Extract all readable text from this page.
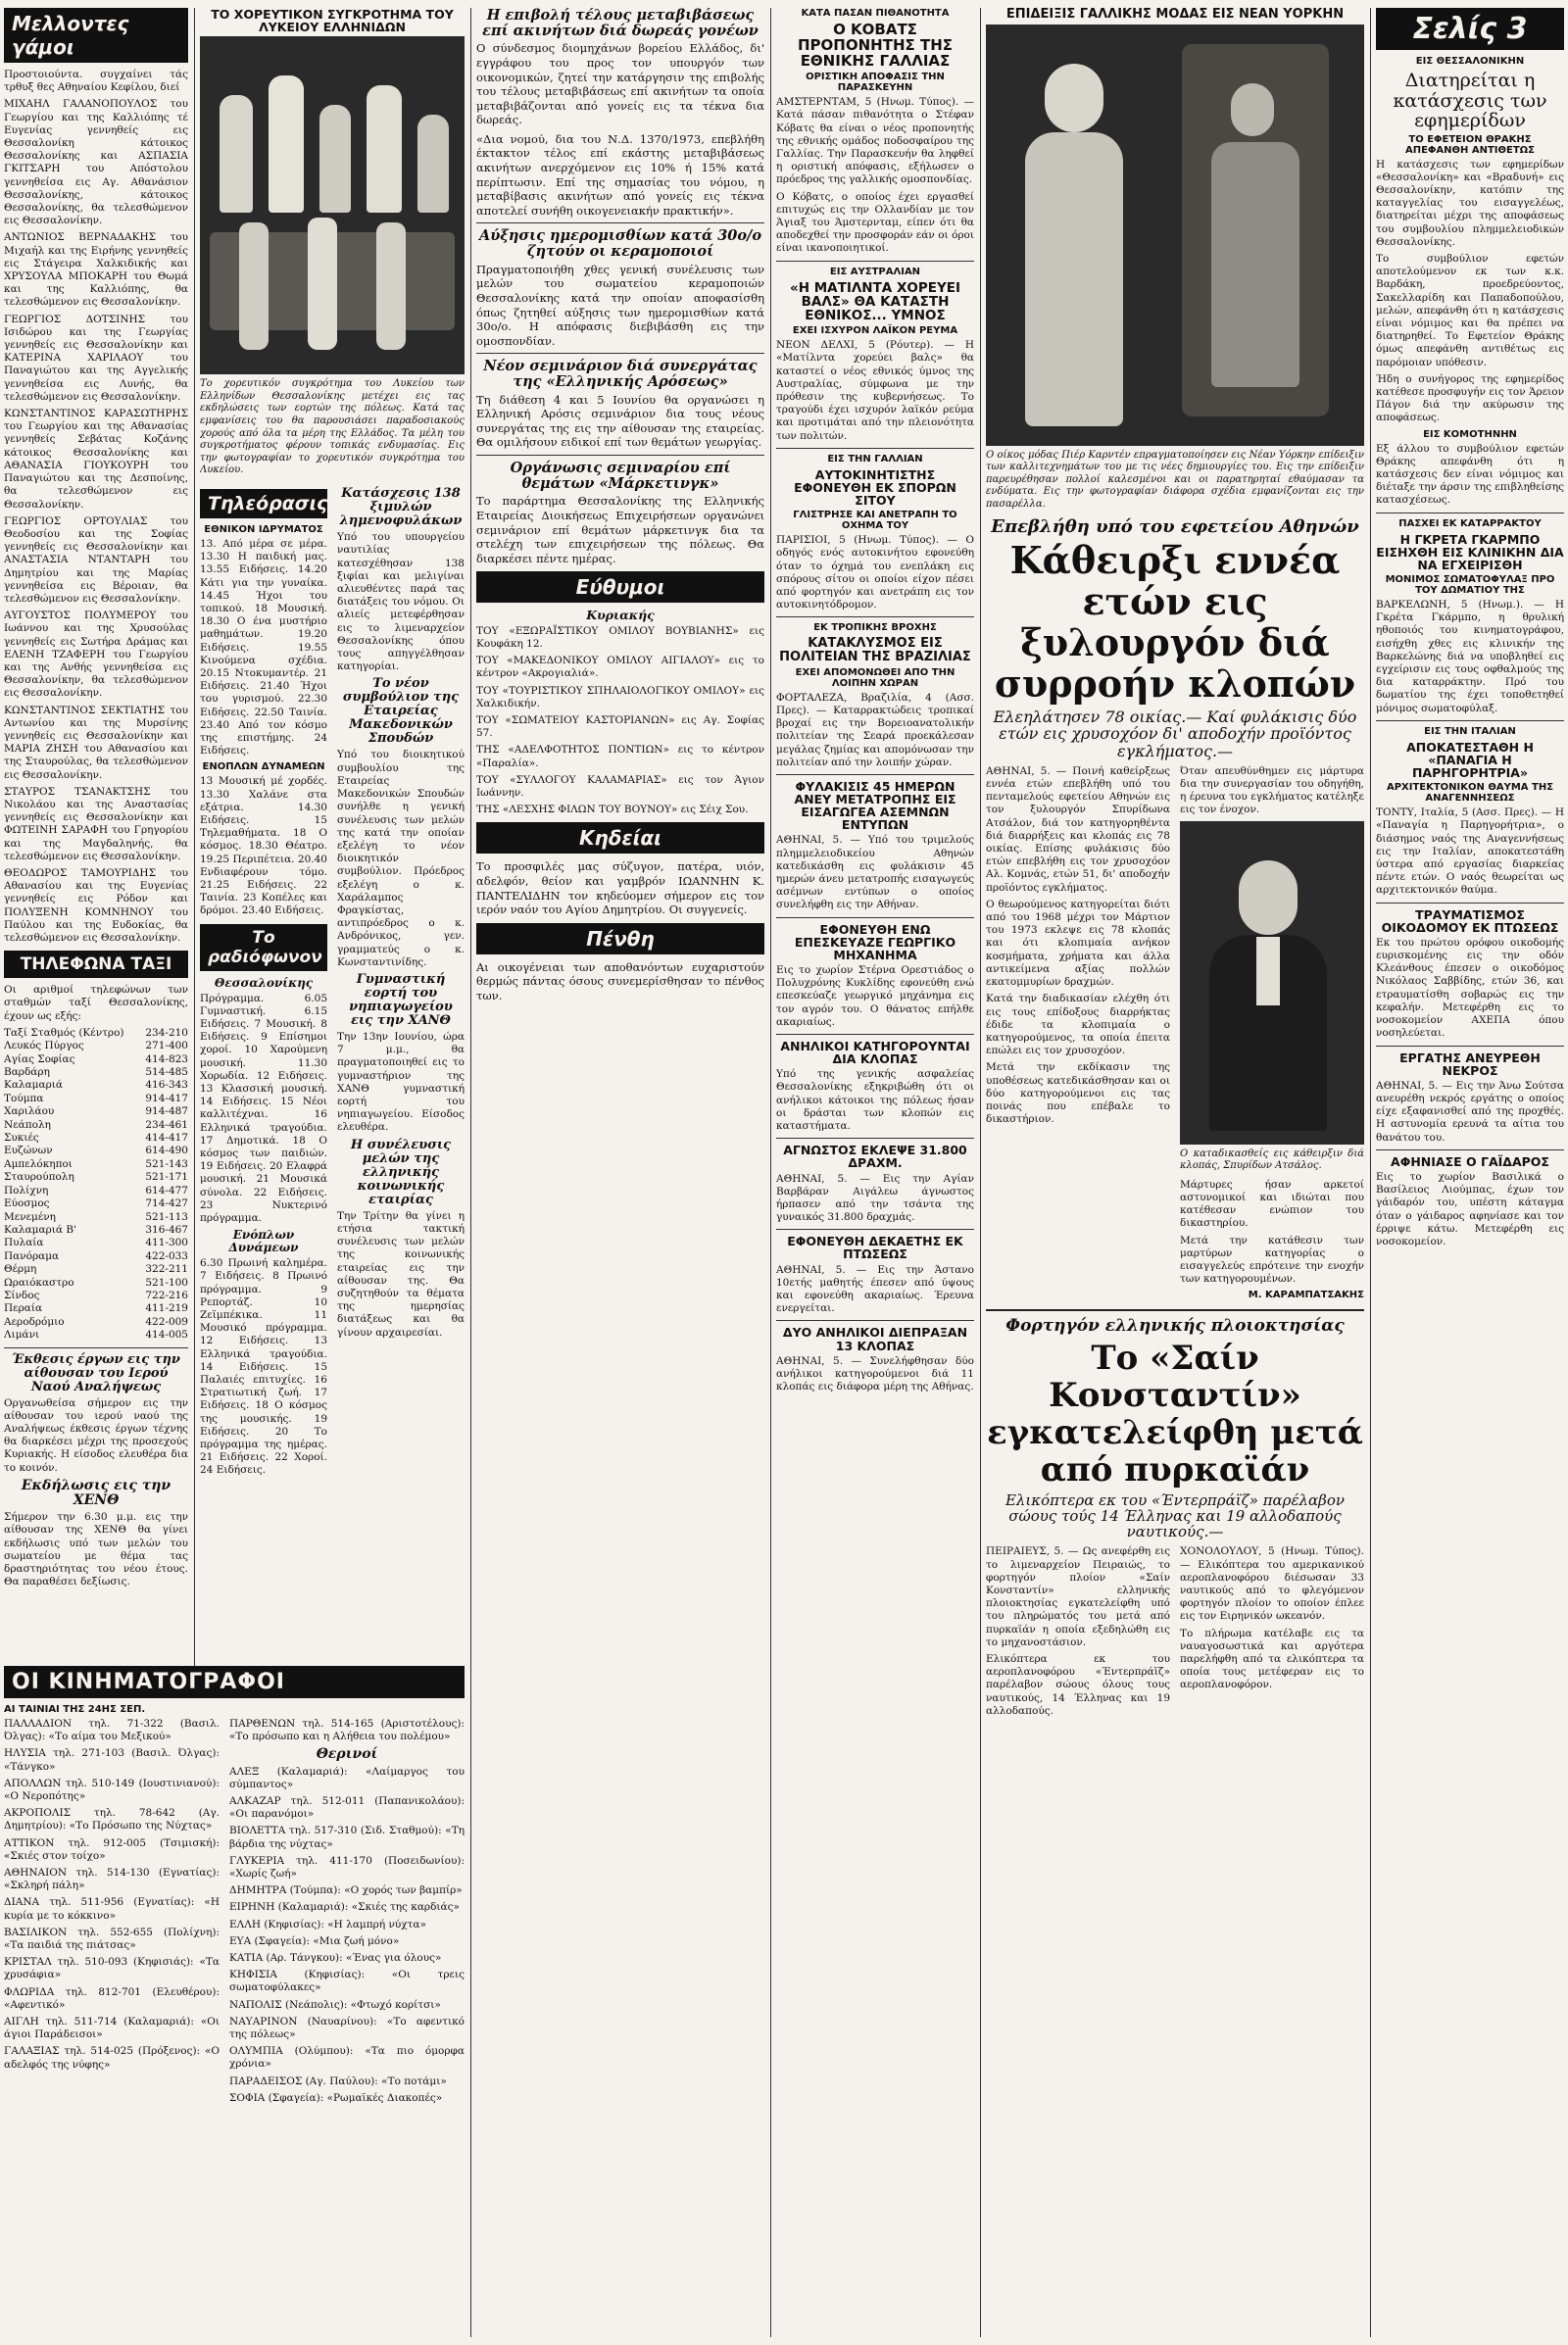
Μελλοντες γάμοι

Προστοιούντα. συγχαίνει τάς τρθυξ θες Αθηναίου Κεφίλου, διεί

ΜΙΧΑΗΛ ΓΑΛΑΝΟΠΟΥΛΟΣ του Γεωργίου και της Καλλιόπης τέ Ευγενίας γεννηθείς εις Θεσσαλονίκη κάτοικος Θεσσαλονίκης και ΑΣΠΑΣΙΑ ΓΚΙΤΣΑΡΗ του Απόστολου γεννηθείσα εις Αγ. Αθανάσιον Θεσσαλονίκης, κάτοικος Θεσσαλονίκης, θα τελεσθώμενον εις Θεσσαλονίκην.

ΑΝΤΩΝΙΟΣ ΒΕΡΝΑΔΑΚΗΣ του Μιχαήλ και της Ειρήνης γεννηθείς εις Στάγειρα Χαλκιδικής και ΧΡΥΣΟΥΛΑ ΜΠΟΚΑΡΗ του Θωμά και της Καλλιόπης, θα τελεσθώμενον εις Θεσσαλονίκην.

ΓΕΩΡΓΙΟΣ ΔΟΤΣΙΝΗΣ του Ισιδώρου και της Γεωργίας γεννηθείς εις Θεσσαλονίκην και ΚΑΤΕΡΙΝΑ ΧΑΡΙΛΑΟΥ του Παναγιώτου και της Αγγελικής γεννηθείσα εις Λυνής, θα τελεσθώμενον εις Θεσσαλονίκην.

ΚΩΝΣΤΑΝΤΙΝΟΣ ΚΑΡΑΣΩΤΗΡΗΣ του Γεωργίου και της Αθανασίας γεννηθείς Σεβάτας Κοζάνης κάτοικος Θεσσαλονίκης και ΑΘΑΝΑΣΙΑ ΓΙΟΥΚΟΥΡΗ του Παναγιώτου και της Δεσποίνης, θα τελεσθώμενον εις Θεσσαλονίκην.

ΓΕΩΡΓΙΟΣ ΟΡΤΟΥΛΙΑΣ του Θεοδοσίου και της Σοφίας γεννηθείς εις Θεσσαλονίκην και ΑΝΑΣΤΑΣΙΑ ΝΤΑΝΤΑΡΗ του Δημητρίου και της Μαρίας γεννηθείσα εις Βέροιαν, θα τελεσθώμενον εις Θεσσαλονίκην.

ΑΥΓΟΥΣΤΟΣ ΠΟΛΥΜΕΡΟΥ του Ιωάννου και της Χρυσούλας γεννηθείς εις Σωτήρα Δράμας και ΕΛΕΝΗ ΤΖΑΦΕΡΗ του Γεωργίου και της Ανθής γεννηθείσα εις Θεσσαλονίκην, θα τελεσθώμενον εις Θεσσαλονίκην.

ΚΩΝΣΤΑΝΤΙΝΟΣ ΣΕΚΤΙΑΤΗΣ του Αντωνίου και της Μυρσίνης γεννηθείς εις Θεσσαλονίκην και ΜΑΡΙΑ ΖΗΣΗ του Αθανασίου και της Σταυρούλας, θα τελεσθώμενον εις Θεσσαλονίκην.

ΣΤΑΥΡΟΣ ΤΣΑΝΑΚΤΣΗΣ του Νικολάου και της Αναστασίας γεννηθείς εις Θεσσαλονίκην και ΦΩΤΕΙΝΗ ΣΑΡΑΦΗ του Γρηγορίου και της Μαγδαληνής, θα τελεσθώμενον εις Θεσσαλονίκην.

ΘΕΟΔΩΡΟΣ ΤΑΜΟΥΡΙΔΗΣ του Αθανασίου και της Ευγενίας γεννηθείς εις Ρόδον και ΠΟΛΥΞΕΝΗ ΚΟΜΝΗΝΟΥ του Παύλου και της Ευδοκίας, θα τελεσθώμενον εις Θεσσαλονίκην.

ΤΗΛΕΦΩΝΑ ΤΑΞΙ

Οι αριθμοί τηλεφώνων των σταθμών ταξί Θεσσαλονίκης, έχουν ως εξής:

Ταξί Σταθμός (Κέντρο) 234-210
Λευκός Πύργος	271-400
Αγίας Σοφίας	414-823
Βαρδάρη	514-485
Καλαμαριά	416-343
Τούμπα	914-417
Χαριλάου	914-487
Νεάπολη	234-461
Συκιές	414-417
Ευζώνων	614-490
Αμπελόκηποι	521-143
Σταυρούπολη	521-171
Πολίχνη	614-477
Εύοσμος	714-427
Μενεμένη	521-113
Καλαμαριά Β'	316-467
Πυλαία	411-300
Πανόραμα	422-033
Θέρμη	322-211
Ωραιόκαστρο	521-100
Σίνδος	722-216
Περαία	411-219
Αεροδρόμιο	422-009
Λιμάνι	414-005
Έκθεσις έργων εις την αίθουσαν του Ιερού Ναού Αναλήψεως

Οργανωθείσα σήμερον εις την αίθουσαν του ιερού ναού της Αναλήψεως έκθεσις έργων τέχνης θα διαρκέσει μέχρι της προσεχούς Κυριακής. Η είσοδος ελευθέρα δια το κοινόν.

Εκδήλωσις εις την ΧΕΝΘ

Σήμερον την 6.30 μ.μ. εις την αίθουσαν της ΧΕΝΘ θα γίνει εκδήλωσις υπό των μελών του σωματείου με θέμα τας δραστηριότητας του νέου έτους. Θα παραθέσει δεξίωσις.

ΤΟ ΧΟΡΕΥΤΙΚΟΝ ΣΥΓΚΡΟΤΗΜΑ ΤΟΥ ΛΥΚΕΙΟΥ ΕΛΛΗΝΙΔΩΝ

Το χορευτικόν συγκρότημα του Λυκείου των Ελληνίδων Θεσσαλονίκης μετέχει εις τας εκδηλώσεις των εορτών της πόλεως. Κατά τας εμφανίσεις του θα παρουσιάσει παραδοσιακούς χορούς από όλα τα μέρη της Ελλάδος. Τα μέλη του συγκροτήματος φέρουν τοπικάς ενδυμασίας. Εις την φωτογραφίαν το χορευτικόν συγκρότημα του Λυκείου.

Τηλεόρασις
ΕΘΝΙΚΟΝ ΙΔΡΥΜΑΤΟΣ

13. Από μέρα σε μέρα. 13.30 Η παιδική μας. 13.55 Ειδήσεις. 14.20 Κάτι για την γυναίκα. 14.45 Ήχοι του τοπικού. 18 Μουσική. 18.30 Ο ένα μυστήριο μαθημάτων. 19.20 Ειδήσεις. 19.55 Κινούμενα σχέδια. 20.15 Ντοκυμαντέρ. 21 Ειδήσεις. 21.40 Ήχοι του γυρισμού. 22.30 Ειδήσεις. 22.50 Ταινία. 23.40 Από τον κόσμο της επιστήμης. 24 Ειδήσεις.

ΕΝΟΠΛΩΝ ΔΥΝΑΜΕΩΝ

13 Μουσική μέ χορδές. 13.30 Χαλάνε στα εξάτρια. 14.30 Ειδήσεις. 15 Τηλεμαθήματα. 18 Ο κόσμος. 18.30 Θέατρο. 19.25 Περιπέτεια. 20.40 Ενδιαφέρουν τόμο. 21.25 Ειδήσεις. 22 Ταινία. 23 Κοπέλες και δρόμοι. 23.40 Ειδήσεις.

Το ραδιόφωνον
Θεσσαλονίκης

Πρόγραμμα. 6.05 Γυμναστική. 6.15 Ειδήσεις. 7 Μουσική. 8 Ειδήσεις. 9 Επίσημοι χοροί. 10 Χαρούμενη μουσική. 11.30 Χορωδία. 12 Ειδήσεις. 13 Κλασσική μουσική. 14 Ειδήσεις. 15 Νέοι καλλιτέχναι. 16 Ελληνικά τραγούδια. 17 Δημοτικά. 18 Ο κόσμος των παιδιών. 19 Ειδήσεις. 20 Ελαφρά μουσική. 21 Μουσικά σύνολα. 22 Ειδήσεις. 23 Νυκτερινό πρόγραμμα.

Ενόπλων Δυνάμεων

6.30 Πρωινή καλημέρα. 7 Ειδήσεις. 8 Πρωινό πρόγραμμα. 9 Ρεπορτάζ. 10 Ζεϊμπέκικα. 11 Μουσικό πρόγραμμα. 12 Ειδήσεις. 13 Ελληνικά τραγούδια. 14 Ειδήσεις. 15 Παλαιές επιτυχίες. 16 Στρατιωτική ζωή. 17 Ειδήσεις. 18 Ο κόσμος της μουσικής. 19 Ειδήσεις. 20 Το πρόγραμμα της ημέρας. 21 Ειδήσεις. 22 Χοροί. 24 Ειδήσεις.

Κατάσχεσις 138 ξιμυλών λημενοφυλάκων

Υπό του υπουργείου ναυτιλίας κατεσχέθησαν 138 ξιφίαι και μελιγίναι αλιευθέντες παρά τας διατάξεις του νόμου. Οι αλιείς μετεφέρθησαν εις το λιμεναρχείον Θεσσαλονίκης όπου τους απηγγέλθησαν κατηγορίαι.

Το νέον συμβούλιον της Εταιρείας Μακεδονικών Σπουδών

Υπό του διοικητικού συμβουλίου της Εταιρείας Μακεδονικών Σπουδών συνήλθε η γενική συνέλευσις των μελών της κατά την οποίαν εξελέγη το νέον διοικητικόν συμβούλιον. Πρόεδρος εξελέγη ο κ. Χαράλαμπος Φραγκίστας, αντιπρόεδρος ο κ. Ανδρόνικος, γεν. γραμματεύς ο κ. Κωνσταντινίδης.

Γυμναστική εορτή του νηπιαγωγείου εις την ΧΑΝΘ

Την 13ην Ιουνίου, ώρα 7 μ.μ., θα πραγματοποιηθεί εις το γυμναστήριον της ΧΑΝΘ γυμναστική εορτή του νηπιαγωγείου. Είσοδος ελευθέρα.

Η συνέλευσις μελών της ελληνικής κοινωνικής εταιρίας

Την Τρίτην θα γίνει η ετήσια τακτική συνέλευσις των μελών της κοινωνικής εταιρείας εις την αίθουσαν της. Θα συζητηθούν τα θέματα της ημερησίας διατάξεως και θα γίνουν αρχαιρεσίαι.

ΟΙ ΚΙΝΗΜΑΤΟΓΡΑΦΟΙ
ΑΙ ΤΑΙΝΙΑΙ ΤΗΣ 24ΗΣ ΣΕΠ.

ΠΑΛΛΑΔΙΟΝ τηλ. 71-322 (Βασιλ. Όλγας): «Το αίμα του Μεξικού»

ΗΛΥΣΙΑ τηλ. 271-103 (Βασιλ. Όλγας): «Τάνγκο»

ΑΠΟΛΛΩΝ τηλ. 510-149 (Ιουστινιανού): «Ο Νεροπότης»

ΑΚΡΟΠΟΛΙΣ τηλ. 78-642 (Αγ. Δημητρίου): «Το Πρόσωπο της Νύχτας»

ΑΤΤΙΚΟΝ τηλ. 912-005 (Τσιμισκή): «Σκιές στον τοίχο»

ΑΘΗΝΑΙΟΝ τηλ. 514-130 (Εγνατίας): «Σκληρή πάλη»

ΔΙΑΝΑ τηλ. 511-956 (Εγνατίας): «Η κυρία με το κόκκινο»

ΒΑΣΙΛΙΚΟΝ τηλ. 552-655 (Πολίχνη): «Τα παιδιά της πιάτσας»

ΚΡΙΣΤΑΛ τηλ. 510-093 (Κηφισιάς): «Τα χρυσάφια»

ΦΛΩΡΙΔΑ τηλ. 812-701 (Ελευθέρου): «Αφεντικό»

ΑΙΓΛΗ τηλ. 511-714 (Καλαμαριά): «Οι άγιοι Παράδεισοι»

ΓΑΛΑΞΙΑΣ τηλ. 514-025 (Πρόξενος): «Ο αδελφός της νύφης»

ΠΑΡΘΕΝΩΝ τηλ. 514-165 (Αριστοτέλους): «Το πρόσωπο και η Αλήθεια του πολέμου»

Θερινοί

ΑΛΕΞ (Καλαμαριά): «Λαίμαργος του σύμπαντος»

ΑΛΚΑΖΑΡ τηλ. 512-011 (Παπανικολάου): «Οι παρανόμοι»

ΒΙΟΛΕΤΤΑ τηλ. 517-310 (Σιδ. Σταθμού): «Τη βάρδια της νύχτας»

ΓΛΥΚΕΡΙΑ τηλ. 411-170 (Ποσειδωνίου): «Χωρίς ζωή»

ΔΗΜΗΤΡΑ (Τούμπα): «Ο χορός των βαμπίρ»

ΕΙΡΗΝΗ (Καλαμαριά): «Σκιές της καρδιάς»

ΕΛΛΗ (Κηφισίας): «Η λαμπρή νύχτα»

ΕΥΑ (Σφαγεία): «Μια ζωή μόνο»

ΚΑΤΙΑ (Αρ. Τάνγκου): «Ένας για όλους»

ΚΗΦΙΣΙΑ (Κηφισίας): «Οι τρεις σωματοφύλακες»

ΝΑΠΟΛΙΣ (Νεάπολις): «Φτωχό κορίτσι»

ΝΑΥΑΡΙΝΟΝ (Ναυαρίνου): «Το αφεντικό της πόλεως»

ΟΛΥΜΠΙΑ (Ολύμπου): «Τα πιο όμορφα χρόνια»

ΠΑΡΑΔΕΙΣΟΣ (Αγ. Παύλου): «Το ποτάμι»

ΣΟΦΙΑ (Σφαγεία): «Ρωμαϊκές Διακοπές»

Η επιβολή τέλους μεταβιβάσεως επί ακινήτων διά δωρεάς γονέων

Ο σύνδεσμος διομηχάνων βορείου Ελλάδος, δι' εγγράφου του προς τον υπουργόν των οικονομικών, ζητεί την κατάργησιν της επιβολής του τέλους μεταβιβάσεως επί ακινήτων τα οποία μεταβιβάζονται από γονείς εις τα τέκνα δια δωρεάς.

«Δια νομού, δια του Ν.Δ. 1370/1973, επεβλήθη έκτακτον τέλος επί εκάστης μεταβιβάσεως ακινήτων ανερχόμενον εις 10% ή 15% κατά περίπτωσιν. Επί της σημασίας του νόμου, η μεταβίβασις ακινήτων από γονείς εις τέκνα αποτελεί συνήθη οικογενειακήν πρακτικήν».

Αύξησις ημερομισθίων κατά 30ο/ο ζητούν οι κεραμοποιοί

Πραγματοποιήθη χθες γενική συνέλευσις των μελών του σωματείου κεραμοποιών Θεσσαλονίκης κατά την οποίαν αποφασίσθη όπως ζητηθεί αύξησις των ημερομισθίων κατά 30ο/ο. Η απόφασις διεβιβάσθη εις την ομοσπονδίαν.

Νέον σεμινάριον διά συνεργάτας της «Ελληνικής Αρόσεως»

Τη διάθεση 4 και 5 Ιουνίου θα οργανώσει η Ελληνική Αρόσις σεμινάριον δια τους νέους συνεργάτας της εις την αίθουσαν της εταιρείας. Θα ομιλήσουν ειδικοί επί των θεμάτων γεωργίας.

Οργάνωσις σεμιναρίου επί θεμάτων «Μάρκετινγκ»

Το παράρτημα Θεσσαλονίκης της Ελληνικής Εταιρείας Διοικήσεως Επιχειρήσεων οργανώνει σεμινάριον επί θεμάτων μάρκετινγκ δια τα στελέχη των επιχειρήσεων της πόλεως. Θα διαρκέσει πέντε ημέρας.

Εύθυμοι
Κυριακής

ΤΟΥ «ΕΞΩΡΑΪΣΤΙΚΟΥ ΟΜΙΛΟΥ ΒΟΥΒΙΑΝΗΣ» εις Κουφάκη 12.

ΤΟΥ «ΜΑΚΕΔΟΝΙΚΟΥ ΟΜΙΛΟΥ ΑΙΓΙΑΛΟΥ» εις το κέντρον «Ακρογιαλιά».

ΤΟΥ «ΤΟΥΡΙΣΤΙΚΟΥ ΣΠΗΛΑΙΟΛΟΓΙΚΟΥ ΟΜΙΛΟΥ» εις Χαλκιδικήν.

ΤΟΥ «ΣΩΜΑΤΕΙΟΥ ΚΑΣΤΟΡΙΑΝΩΝ» εις Αγ. Σοφίας 57.

ΤΗΣ «ΑΔΕΛΦΟΤΗΤΟΣ ΠΟΝΤΙΩΝ» εις το κέντρον «Παραλία».

ΤΟΥ «ΣΥΛΛΟΓΟΥ ΚΑΛΑΜΑΡΙΑΣ» εις τον Άγιον Ιωάννην.

ΤΗΣ «ΛΕΣΧΗΣ ΦΙΛΩΝ ΤΟΥ ΒΟΥΝΟΥ» εις Σέιχ Σου.

Κηδείαι

Το προσφιλές μας σύζυγον, πατέρα, υιόν, αδελφόν, θείον και γαμβρόν ΙΩΑΝΝΗΝ Κ. ΠΑΝΤΕΛΙΔΗΝ τον κηδεύομεν σήμερον εις τον ιερόν ναόν του Αγίου Δημητρίου. Οι συγγενείς.

Πένθη

Αι οικογένειαι των αποθανόντων ευχαριστούν θερμώς πάντας όσους συνεμερίσθησαν το πένθος των.

ΚΑΤΑ ΠΑΣΑΝ ΠΙΘΑΝΟΤΗΤΑ
Ο ΚΟΒΑΤΣ ΠΡΟΠΟΝΗΤΗΣ ΤΗΣ ΕΘΝΙΚΗΣ ΓΑΛΛΙΑΣ
ΟΡΙΣΤΙΚΗ ΑΠΟΦΑΣΙΣ ΤΗΝ ΠΑΡΑΣΚΕΥΗΝ

ΑΜΣΤΕΡΝΤΑΜ, 5 (Ηνωμ. Τύπος). — Κατά πάσαν πιθανότητα ο Στέφαν Κόβατς θα είναι ο νέος προπονητής της εθνικής ομάδος ποδοσφαίρου της Γαλλίας. Την Παρασκευήν θα ληφθεί η οριστική απόφασις, εξήλωσεν ο πρόεδρος της γαλλικής ομοσπονδίας.

Ο Κόβατς, ο οποίος έχει εργασθεί επιτυχώς εις την Ολλανδίαν με τον Άγιαξ του Άμστερνταμ, είπεν ότι θα αποδεχθεί την προσφοράν εάν οι όροι είναι ικανοποιητικοί.

ΕΙΣ ΑΥΣΤΡΑΛΙΑΝ
«Η ΜΑΤΙΛΝΤΑ ΧΟΡΕΥΕΙ ΒΑΛΣ» ΘΑ ΚΑΤΑΣΤΗ ΕΘΝΙΚΟΣ... ΥΜΝΟΣ
ΕΧΕΙ ΙΣΧΥΡΟΝ ΛΑΪΚΟΝ ΡΕΥΜΑ

ΝΕΟΝ ΔΕΛΧΙ, 5 (Ρόυτερ). — Η «Ματίλντα χορεύει βαλς» θα καταστεί ο νέος εθνικός ύμνος της Αυστραλίας, σύμφωνα με την πρόθεσιν της κυβερνήσεως. Το τραγούδι έχει ισχυρόν λαϊκόν ρεύμα και προτιμάται από την πλειονότητα των πολιτών.

ΕΙΣ ΤΗΝ ΓΑΛΛΙΑΝ
ΑΥΤΟΚΙΝΗΤΙΣΤΗΣ ΕΦΟΝΕΥΘΗ ΕΚ ΣΠΟΡΩΝ ΣΙΤΟΥ
ΓΛΙΣΤΡΗΣΕ ΚΑΙ ΑΝΕΤΡΑΠΗ ΤΟ ΟΧΗΜΑ ΤΟΥ

ΠΑΡΙΣΙΟΙ, 5 (Ηνωμ. Τύπος). — Ο οδηγός ενός αυτοκινήτου εφονεύθη όταν το όχημά του ενεπλάκη εις σπόρους σίτου οι οποίοι είχον πέσει από φορτηγόν και ανετράπη εις τον αυτοκινητόδρομον.

ΕΚ ΤΡΟΠΙΚΗΣ ΒΡΟΧΗΣ
ΚΑΤΑΚΛΥΣΜΟΣ ΕΙΣ ΠΟΛΙΤΕΙΑΝ ΤΗΣ ΒΡΑΖΙΛΙΑΣ
ΕΧΕΙ ΑΠΟΜΟΝΩΘΕΙ ΑΠΟ ΤΗΝ ΛΟΙΠΗΝ ΧΩΡΑΝ

ΦΟΡΤΑΛΕΖΑ, Βραζιλία, 4 (Ασσ. Πρες). — Καταρρακτώδεις τροπικαί βροχαί εις την Βορειοανατολικήν πολιτείαν της Σεαρά προεκάλεσαν μεγάλας ζημίας και απομόνωσαν την πολιτείαν από την λοιπήν χώραν.

ΦΥΛΑΚΙΣΙΣ 45 ΗΜΕΡΩΝ ΑΝΕΥ ΜΕΤΑΤΡΟΠΗΣ ΕΙΣ ΕΙΣΑΓΩΓΕΑ ΑΣΕΜΝΩΝ ΕΝΤΥΠΩΝ

ΑΘΗΝΑΙ, 5. — Υπό του τριμελούς πλημμελειοδικείου Αθηνών κατεδικάσθη εις φυλάκισιν 45 ημερών άνευ μετατροπής εισαγωγεύς ασέμνων εντύπων ο οποίος συνελήφθη εις την Αθήναν.

ΕΦΟΝΕΥΘΗ ΕΝΩ ΕΠΕΣΚΕΥΑΖΕ ΓΕΩΡΓΙΚΟ ΜΗΧΑΝΗΜΑ

Εις το χωρίον Στέρνα Ορεστιάδος ο Πολυχρόνης Κυκλίδης εφονεύθη ενώ επεσκεύαζε γεωργικό μηχάνημα εις τον αγρόν του. Ο θάνατος επήλθε ακαριαίως.

ΑΝΗΛΙΚΟΙ ΚΑΤΗΓΟΡΟΥΝΤΑΙ ΔΙΑ ΚΛΟΠΑΣ

Υπό της γενικής ασφαλείας Θεσσαλονίκης εξηκριβώθη ότι οι ανήλικοι κάτοικοι της πόλεως ήσαν οι δράσται των κλοπών εις καταστήματα.

ΑΓΝΩΣΤΟΣ ΕΚΛΕΨΕ 31.800 ΔΡΑΧΜ.

ΑΘΗΝΑΙ, 5. — Εις την Αγίαν Βαρβάραν Αιγάλεω άγνωστος ήρπασεν από την τσάντα της γυναικός 31.800 δραχμάς.

ΕΦΟΝΕΥΘΗ ΔΕΚΑΕΤΗΣ ΕΚ ΠΤΩΣΕΩΣ

ΑΘΗΝΑΙ, 5. — Εις την Άστανο 10ετής μαθητής έπεσεν από ύψους και εφονεύθη ακαριαίως. Έρευνα ενεργείται.

ΔΥΟ ΑΝΗΛΙΚΟΙ ΔΙΕΠΡΑΞΑΝ 13 ΚΛΟΠΑΣ

ΑΘΗΝΑΙ, 5. — Συνελήφθησαν δύο ανήλικοι κατηγορούμενοι διά 11 κλοπάς εις διάφορα μέρη της Αθήνας.

ΕΠΙΔΕΙΞΙΣ ΓΑΛΛΙΚΗΣ ΜΟΔΑΣ ΕΙΣ ΝΕΑΝ ΥΟΡΚΗΝ

Ο οίκος μόδας Πιέρ Καρντέν επραγματοποίησεν εις Νέαν Υόρκην επίδειξιν των καλλιτεχνημάτων του με τις νέες δημιουργίες του. Εις την επίδειξιν παρευρέθησαν πολλοί καλεσμένοι και οι παρατηρηταί εθαύμασαν τα ενδύματα. Εις την φωτογραφίαν διάφορα σχέδια εμφανίζονται εις την πασαρέλλα.

Επεβλήθη υπό του εφετείου Αθηνών
Κάθειρξι εννέα ετών εις ξυλουργόν διά συρροήν κλοπών
Ελεηλάτησεν 78 οικίας.— Καί φυλάκισις δύο ετών εις χρυσοχόον δι' αποδοχήν προϊόντος εγκλήματος.—

ΑΘΗΝΑΙ, 5. — Ποινή καθείρξεως εννέα ετών επεβλήθη υπό του πενταμελούς εφετείου Αθηνών εις τον ξυλουργόν Σπυρίδωνα Ατσάλον, διά τον κατηγορηθέντα διά διαρρήξεις και κλοπάς εις 78 οικίας. Επίσης φυλάκισις δύο ετών επεβλήθη εις τον χρυσοχόον Αλ. Κομνάς, ετών 51, δι' αποδοχήν προϊόντος εγκλήματος.

Ο θεωρούμενος κατηγορείται διότι από του 1968 μέχρι τον Μάρτιον του 1973 εκλεψε εις 78 κλοπάς και ότι κλοπιμαία ανήκον κοσμήματα, χρήματα και άλλα αντικείμενα αξίας πολλών εκατομμυρίων δραχμών.

Κατά την διαδικασίαν ελέχθη ότι εις τους επίδοξους διαρρήκτας έδιδε τα κλοπιμαία ο κατηγορούμενος, τα οποία έπειτα επώλει εις τον χρυσοχόον.

Μετά την εκδίκασιν της υποθέσεως κατεδικάσθησαν και οι δύο κατηγορούμενοι εις τας ποινάς που επέβαλε το δικαστήριον.

Όταν απευθύνθημεν εις μάρτυρα δια την συνεργασίαν του οδηγήθη, η έρευνα του εγκλήματος κατέληξε εις τον ένοχον.

Ο καταδικασθείς εις κάθειρξιν διά κλοπάς, Σπυρίδων Ατσάλος.

Μάρτυρες ήσαν αρκετοί αστυνομικοί και ιδιώται που κατέθεσαν ενώπιον του δικαστηρίου.

Μετά την κατάθεσιν των μαρτύρων κατηγορίας ο εισαγγελεύς επρότεινε την ενοχήν των κατηγορουμένων.

Μ. ΚΑΡΑΜΠΑΤΣΑΚΗΣ
Φορτηγόν ελληνικής πλοιοκτησίας
Το «Σαίν Κονσταντίν» εγκατελείφθη μετά από πυρκαϊάν
Ελικόπτερα εκ του «Έντερπράϊζ» παρέλαβον σώους τούς 14 Έλληνας και 19 αλλοδαπούς ναυτικούς.—

ΠΕΙΡΑΙΕΥΣ, 5. — Ως ανεφέρθη εις το λιμεναρχείον Πειραιώς, το φορτηγόν πλοίον «Σαίν Κονσταντίν» ελληνικής πλοιοκτησίας εγκατελείφθη υπό του πληρώματός του μετά από πυρκαϊάν η οποία εξεδηλώθη εις το μηχανοστάσιον.

Ελικόπτερα εκ του αεροπλανοφόρου «Έντερπράϊζ» παρέλαβον σώους όλους τους ναυτικούς, 14 Έλληνας και 19 αλλοδαπούς.

ΧΟΝΟΛΟΥΛΟΥ, 5 (Ηνωμ. Τύπος). — Ελικόπτερα του αμερικανικού αεροπλανοφόρου διέσωσαν 33 ναυτικούς από το φλεγόμενον φορτηγόν πλοίον το οποίον έπλεε εις τον Ειρηνικόν ωκεανόν.

Το πλήρωμα κατέλαβε εις τα ναυαγοσωστικά και αργότερα παρελήφθη από τα ελικόπτερα τα οποία τους μετέφεραν εις το αεροπλανοφόρον.

Σελίς 3
ΕΙΣ ΘΕΣΣΑΛΟΝΙΚΗΝ
Διατηρείται η κατάσχεσις των εφημερίδων
ΤΟ ΕΦΕΤΕΙΟΝ ΘΡΑΚΗΣ ΑΠΕΦΑΝΘΗ ΑΝΤΙΘΕΤΩΣ

Η κατάσχεσις των εφημερίδων «Θεσσαλονίκη» και «Βραδυνή» εις Θεσσαλονίκην, κατόπιν της καταγγελίας του εισαγγελέως, διατηρείται μέχρι της αποφάσεως του συμβουλίου πλημμελειοδικών Θεσσαλονίκης.

Το συμβούλιον εφετών αποτελούμενον εκ των κ.κ. Βαρδάκη, προεδρεύοντος, Σακελλαρίδη και Παπαδοπούλου, μελών, απεφάνθη ότι η κατάσχεσις είναι νόμιμος και θα πρέπει να διατηρηθεί. Το Εφετείον Θράκης όμως απεφάνθη αντιθέτως εις παρόμοιαν υπόθεσιν.

Ήδη ο συνήγορος της εφημερίδος κατέθεσε προσφυγήν εις τον Άρειον Πάγον διά την ακύρωσιν της αποφάσεως.

ΕΙΣ ΚΟΜΟΤΗΝΗΝ

Εξ άλλου το συμβούλιον εφετών Θράκης απεφάνθη ότι η κατάσχεσις δεν είναι νόμιμος και διέταξε την άρσιν της επιβληθείσης κατασχέσεως.

ΠΑΣΧΕΙ ΕΚ ΚΑΤΑΡΡΑΚΤΟΥ
Η ΓΚΡΕΤΑ ΓΚΑΡΜΠΟ ΕΙΣΗΧΘΗ ΕΙΣ ΚΛΙΝΙΚΗΝ ΔΙΑ ΝΑ ΕΓΧΕΙΡΙΣΘΗ
ΜΟΝΙΜΟΣ ΣΩΜΑΤΟΦΥΛΑΞ ΠΡΟ ΤΟΥ ΔΩΜΑΤΙΟΥ ΤΗΣ

ΒΑΡΚΕΛΩΝΗ, 5 (Ηνωμ.). — Η Γκρέτα Γκάρμπο, η θρυλική ηθοποιός του κινηματογράφου, εισήχθη χθες εις κλινικήν της Βαρκελώνης διά να υποβληθεί εις εγχείρισιν εις τους οφθαλμούς της δια καταρράκτην. Πρό του δωματίου της έχει τοποθετηθεί μόνιμος σωματοφύλαξ.

ΕΙΣ ΤΗΝ ΙΤΑΛΙΑΝ
ΑΠΟΚΑΤΕΣΤΑΘΗ Η «ΠΑΝΑΓΙΑ Η ΠΑΡΗΓΟΡΗΤΡΙΑ»
ΑΡΧΙΤΕΚΤΟΝΙΚΟΝ ΘΑΥΜΑ ΤΗΣ ΑΝΑΓΕΝΝΗΣΕΩΣ

ΤΟΝΤΥ, Ιταλία, 5 (Ασσ. Πρες). — Η «Παναγία η Παρηγορήτρια», ο διάσημος ναός της Αναγεννήσεως εις την Ιταλίαν, αποκατεστάθη ύστερα από εργασίας διαρκείας πέντε ετών. Ο ναός θεωρείται ως αρχιτεκτονικόν θαύμα.

ΤΡΑΥΜΑΤΙΣΜΟΣ ΟΙΚΟΔΟΜΟΥ ΕΚ ΠΤΩΣΕΩΣ

Εκ του πρώτου ορόφου οικοδομής ευρισκομένης εις την οδόν Κλεάνθους έπεσεν ο οικοδόμος Νικόλαος Σαββίδης, ετών 36, και ετραυματίσθη σοβαρώς εις την κεφαλήν. Μετεφέρθη εις το νοσοκομείον ΑΧΕΠΑ όπου νοσηλεύεται.

ΕΡΓΑΤΗΣ ΑΝΕΥΡΕΘΗ ΝΕΚΡΟΣ

ΑΘΗΝΑΙ, 5. — Εις την Άνω Σούτσα ανευρέθη νεκρός εργάτης ο οποίος είχε εξαφανισθεί από της προχθές. Η αστυνομία ερευνά τα αίτια του θανάτου του.

ΑΦΗΝΙΑΣΕ Ο ΓΑΪΔΑΡΟΣ

Εις το χωρίον Βασιλικά ο Βασίλειος Λιούμπας, έχων τον γάιδαρόν του, υπέστη κάταγμα όταν ο γάιδαρος αφηνίασε και τον έρριψε κάτω. Μετεφέρθη εις νοσοκομείον.
